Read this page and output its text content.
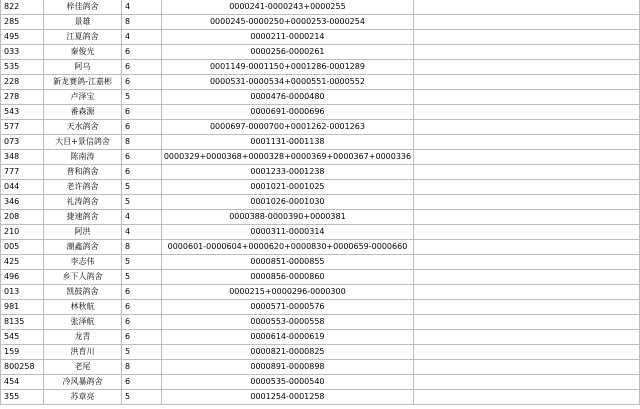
822	梓佳鸽舍	4	0000241-0000243+0000255	
285	景雄	8	0000245-0000250+0000253-0000254	
495	江夏鸽舍	4	0000211-0000214	
033	秦俊光	6	0000256-0000261	
535	阿乌	6	0001149-0001150+0001286-0001289	
228	新龙赛鸽-江嘉彬	6	0000531-0000534+0000551-0000552	
278	卢泽宝	5	0000476-0000480	
543	番森源	6	0000691-0000696	
577	天水鸽舍	6	0000697-0000700+0001262-0001263	
073	大目+景信鸽舍	8	0001131-0001138	
348	陈南涛	6	0000329+0000368+0000328+0000369+0000367+0000336	
777	普和鸽舍	6	0001233-0001238	
044	老许鸽舍	5	0001021-0001025	
346	礼涛鸽舍	5	0001026-0001030	
208	捷速鸽舍	4	0000388-0000390+0000381	
210	阿洪	4	0000311-0000314	
005	潮鑫鸽舍	8	0000601-0000604+0000620+0000830+0000659-0000660	
425	李志伟	5	0000851-0000855	
496	乡下人鸽舍	5	0000856-0000860	
013	凯鼓鸽舍	6	0000215+0000296-0000300	
981	林秋航	6	0000571-0000576	
8135	张泽航	6	0000553-0000558	
545	龙青	6	0000614-0000619	
159	洪育川	5	0000821-0000825	
800258	老尾	8	0000891-0000898	
454	冷风暴鸽舍	6	0000535-0000540	
355	苏章亮	5	0001254-0001258	
